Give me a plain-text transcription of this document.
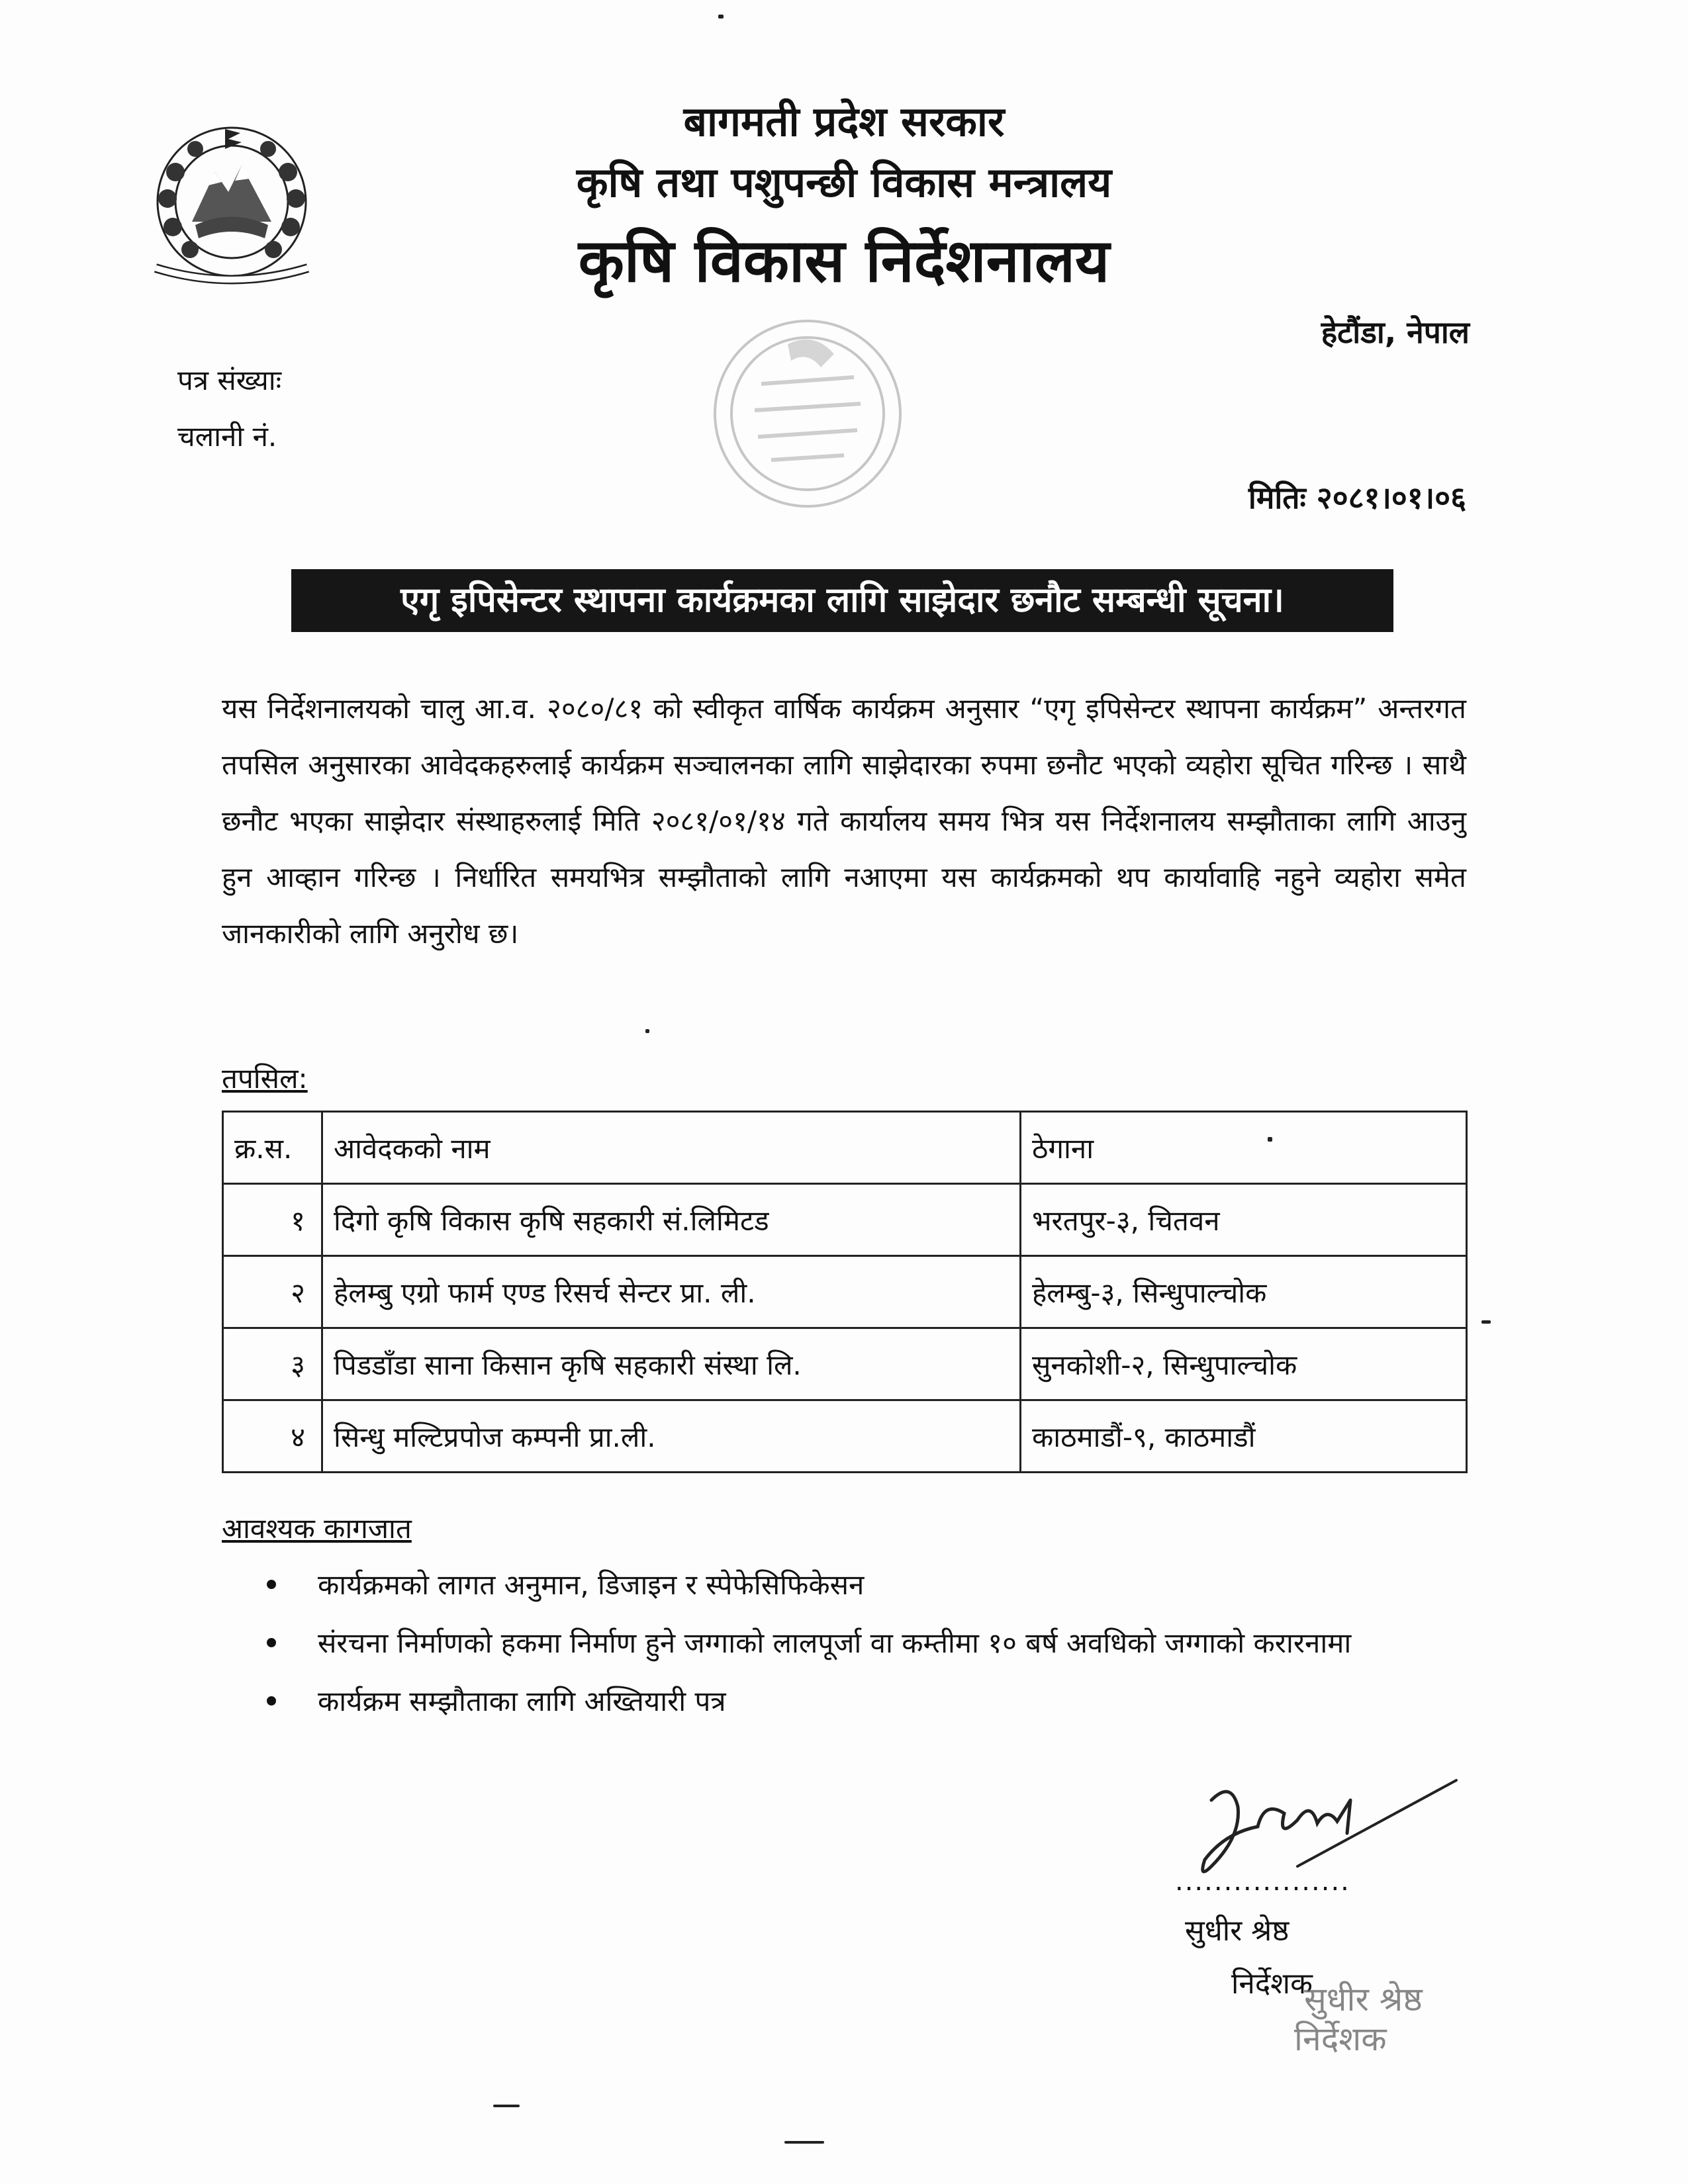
बागमती प्रदेश सरकार
कृषि तथा पशुपन्छी विकास मन्त्रालय
कृषि विकास निर्देशनालय
हेटौंडा, नेपाल
पत्र संख्याः
चलानी नं.
मितिः २०८१।०१।०६
एगृ इपिसेन्टर स्थापना कार्यक्रमका लागि साझेदार छनौट सम्बन्धी सूचना।
यस निर्देशनालयको चालु आ.व. २०८०/८१ को स्वीकृत वार्षिक कार्यक्रम अनुसार “एगृ इपिसेन्टर स्थापना कार्यक्रम” अन्तरगत तपसिल अनुसारका आवेदकहरुलाई कार्यक्रम सञ्चालनका लागि साझेदारका रुपमा छनौट भएको व्यहोरा सूचित गरिन्छ । साथै छनौट भएका साझेदार संस्थाहरुलाई मिति २०८१/०१/१४ गते कार्यालय समय भित्र यस निर्देशनालय सम्झौताका लागि आउनु हुन आव्हान गरिन्छ । निर्धारित समयभित्र सम्झौताको लागि नआएमा यस कार्यक्रमको थप कार्यावाहि नहुने व्यहोरा समेत जानकारीको लागि अनुरोध छ।
तपसिल:
क्र.स.	आवेदकको नाम	ठेगाना
१	दिगो कृषि विकास कृषि सहकारी सं.लिमिटड	भरतपुर-३, चितवन
२	हेलम्बु एग्रो फार्म एण्ड रिसर्च सेन्टर प्रा. ली.	हेलम्बु-३, सिन्धुपाल्चोक
३	पिडडाँडा साना किसान कृषि सहकारी संस्था लि.	सुनकोशी-२, सिन्धुपाल्चोक
४	सिन्धु मल्टिप्रपोज कम्पनी प्रा.ली.	काठमाडौं-९, काठमाडौं
आवश्यक कागजात
कार्यक्रमको लागत अनुमान, डिजाइन र स्पेफेसिफिकेसन
संरचना निर्माणको हकमा निर्माण हुने जग्गाको लालपूर्जा वा कम्तीमा १० बर्ष अवधिको जग्गाको करारनामा
कार्यक्रम सम्झौताका लागि अख्तियारी पत्र
..................
सुधीर श्रेष्ठ
निर्देशक
सुधीर श्रेष्ठ
निर्देशक
